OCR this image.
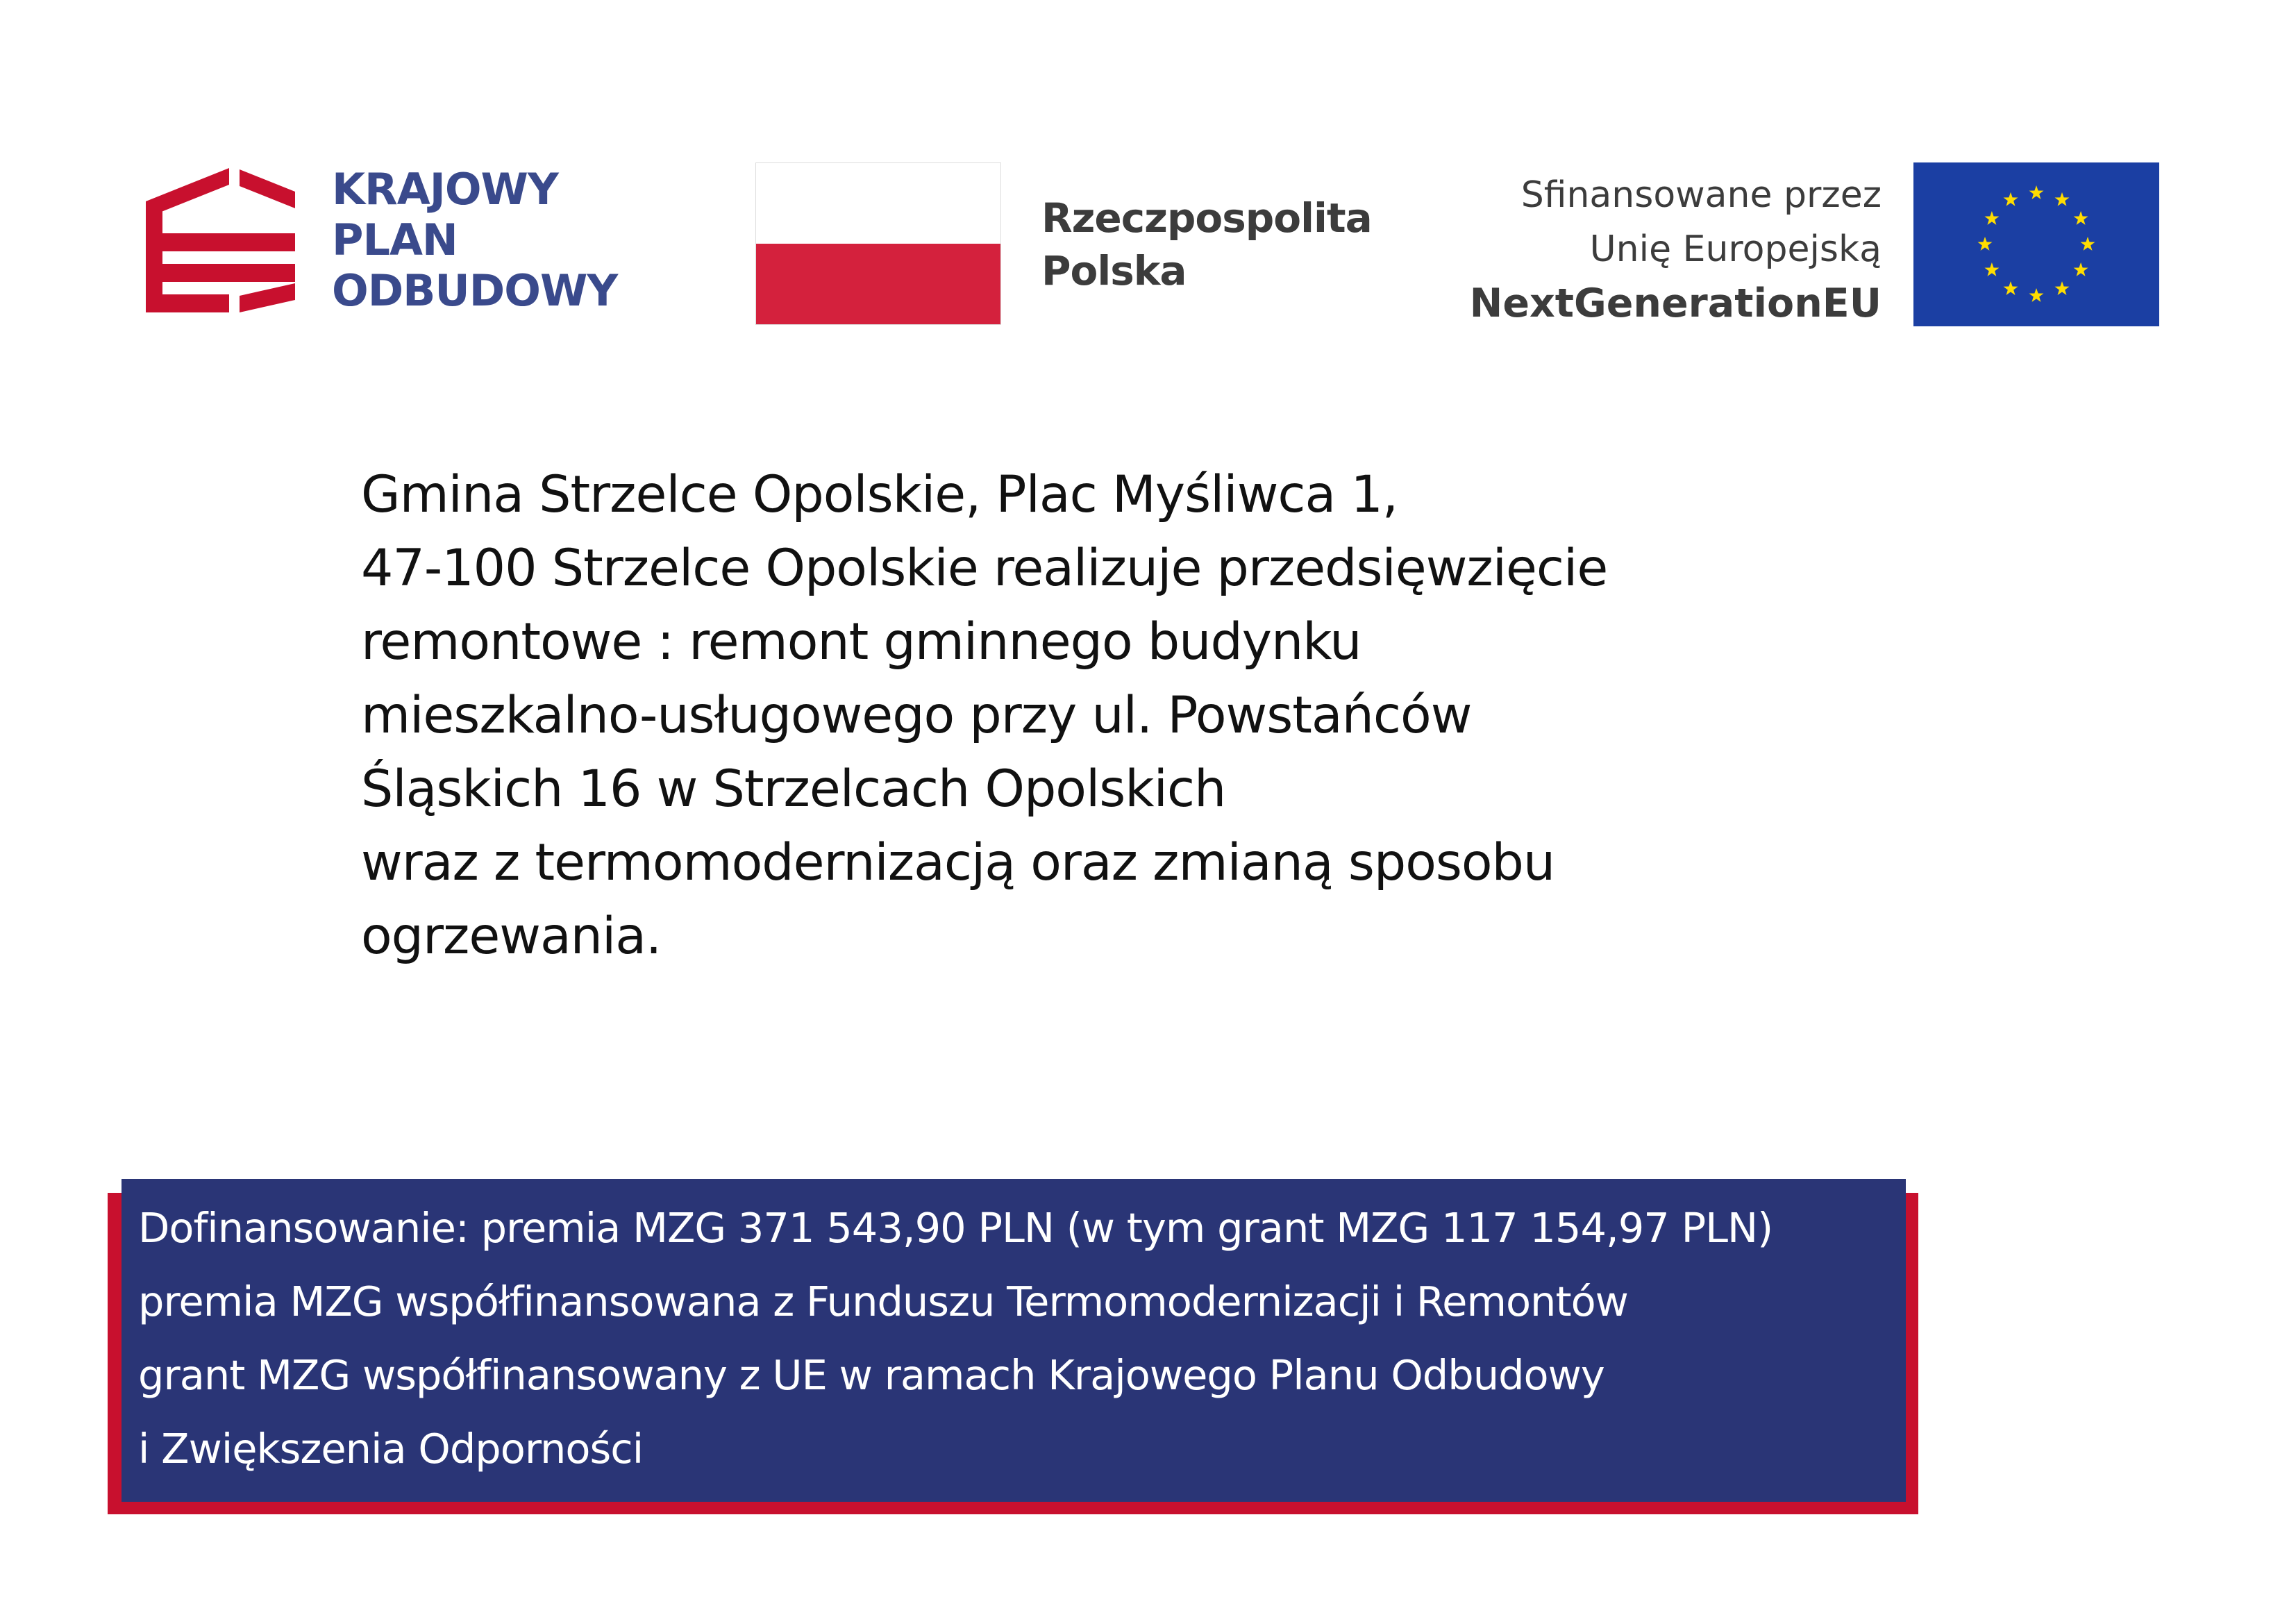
KRAJOWY
PLAN
ODBUDOWY
Rzeczpospolita
Polska
Sfinansowane przez
Unię Europejską
NextGenerationEU
Gmina Strzelce Opolskie, Plac Myśliwca 1,
47-100 Strzelce Opolskie realizuje przedsięwzięcie
remontowe : remont gminnego budynku
mieszkalno-usługowego przy ul. Powstańców
Śląskich 16 w Strzelcach Opolskich
wraz z termomodernizacją oraz zmianą sposobu
ogrzewania.
Dofinansowanie: premia MZG 371 543,90 PLN (w tym grant MZG 117 154,97 PLN)
premia MZG współfinansowana z Funduszu Termomodernizacji i Remontów
grant MZG współfinansowany z UE w ramach Krajowego Planu Odbudowy
i Zwiększenia Odporności
